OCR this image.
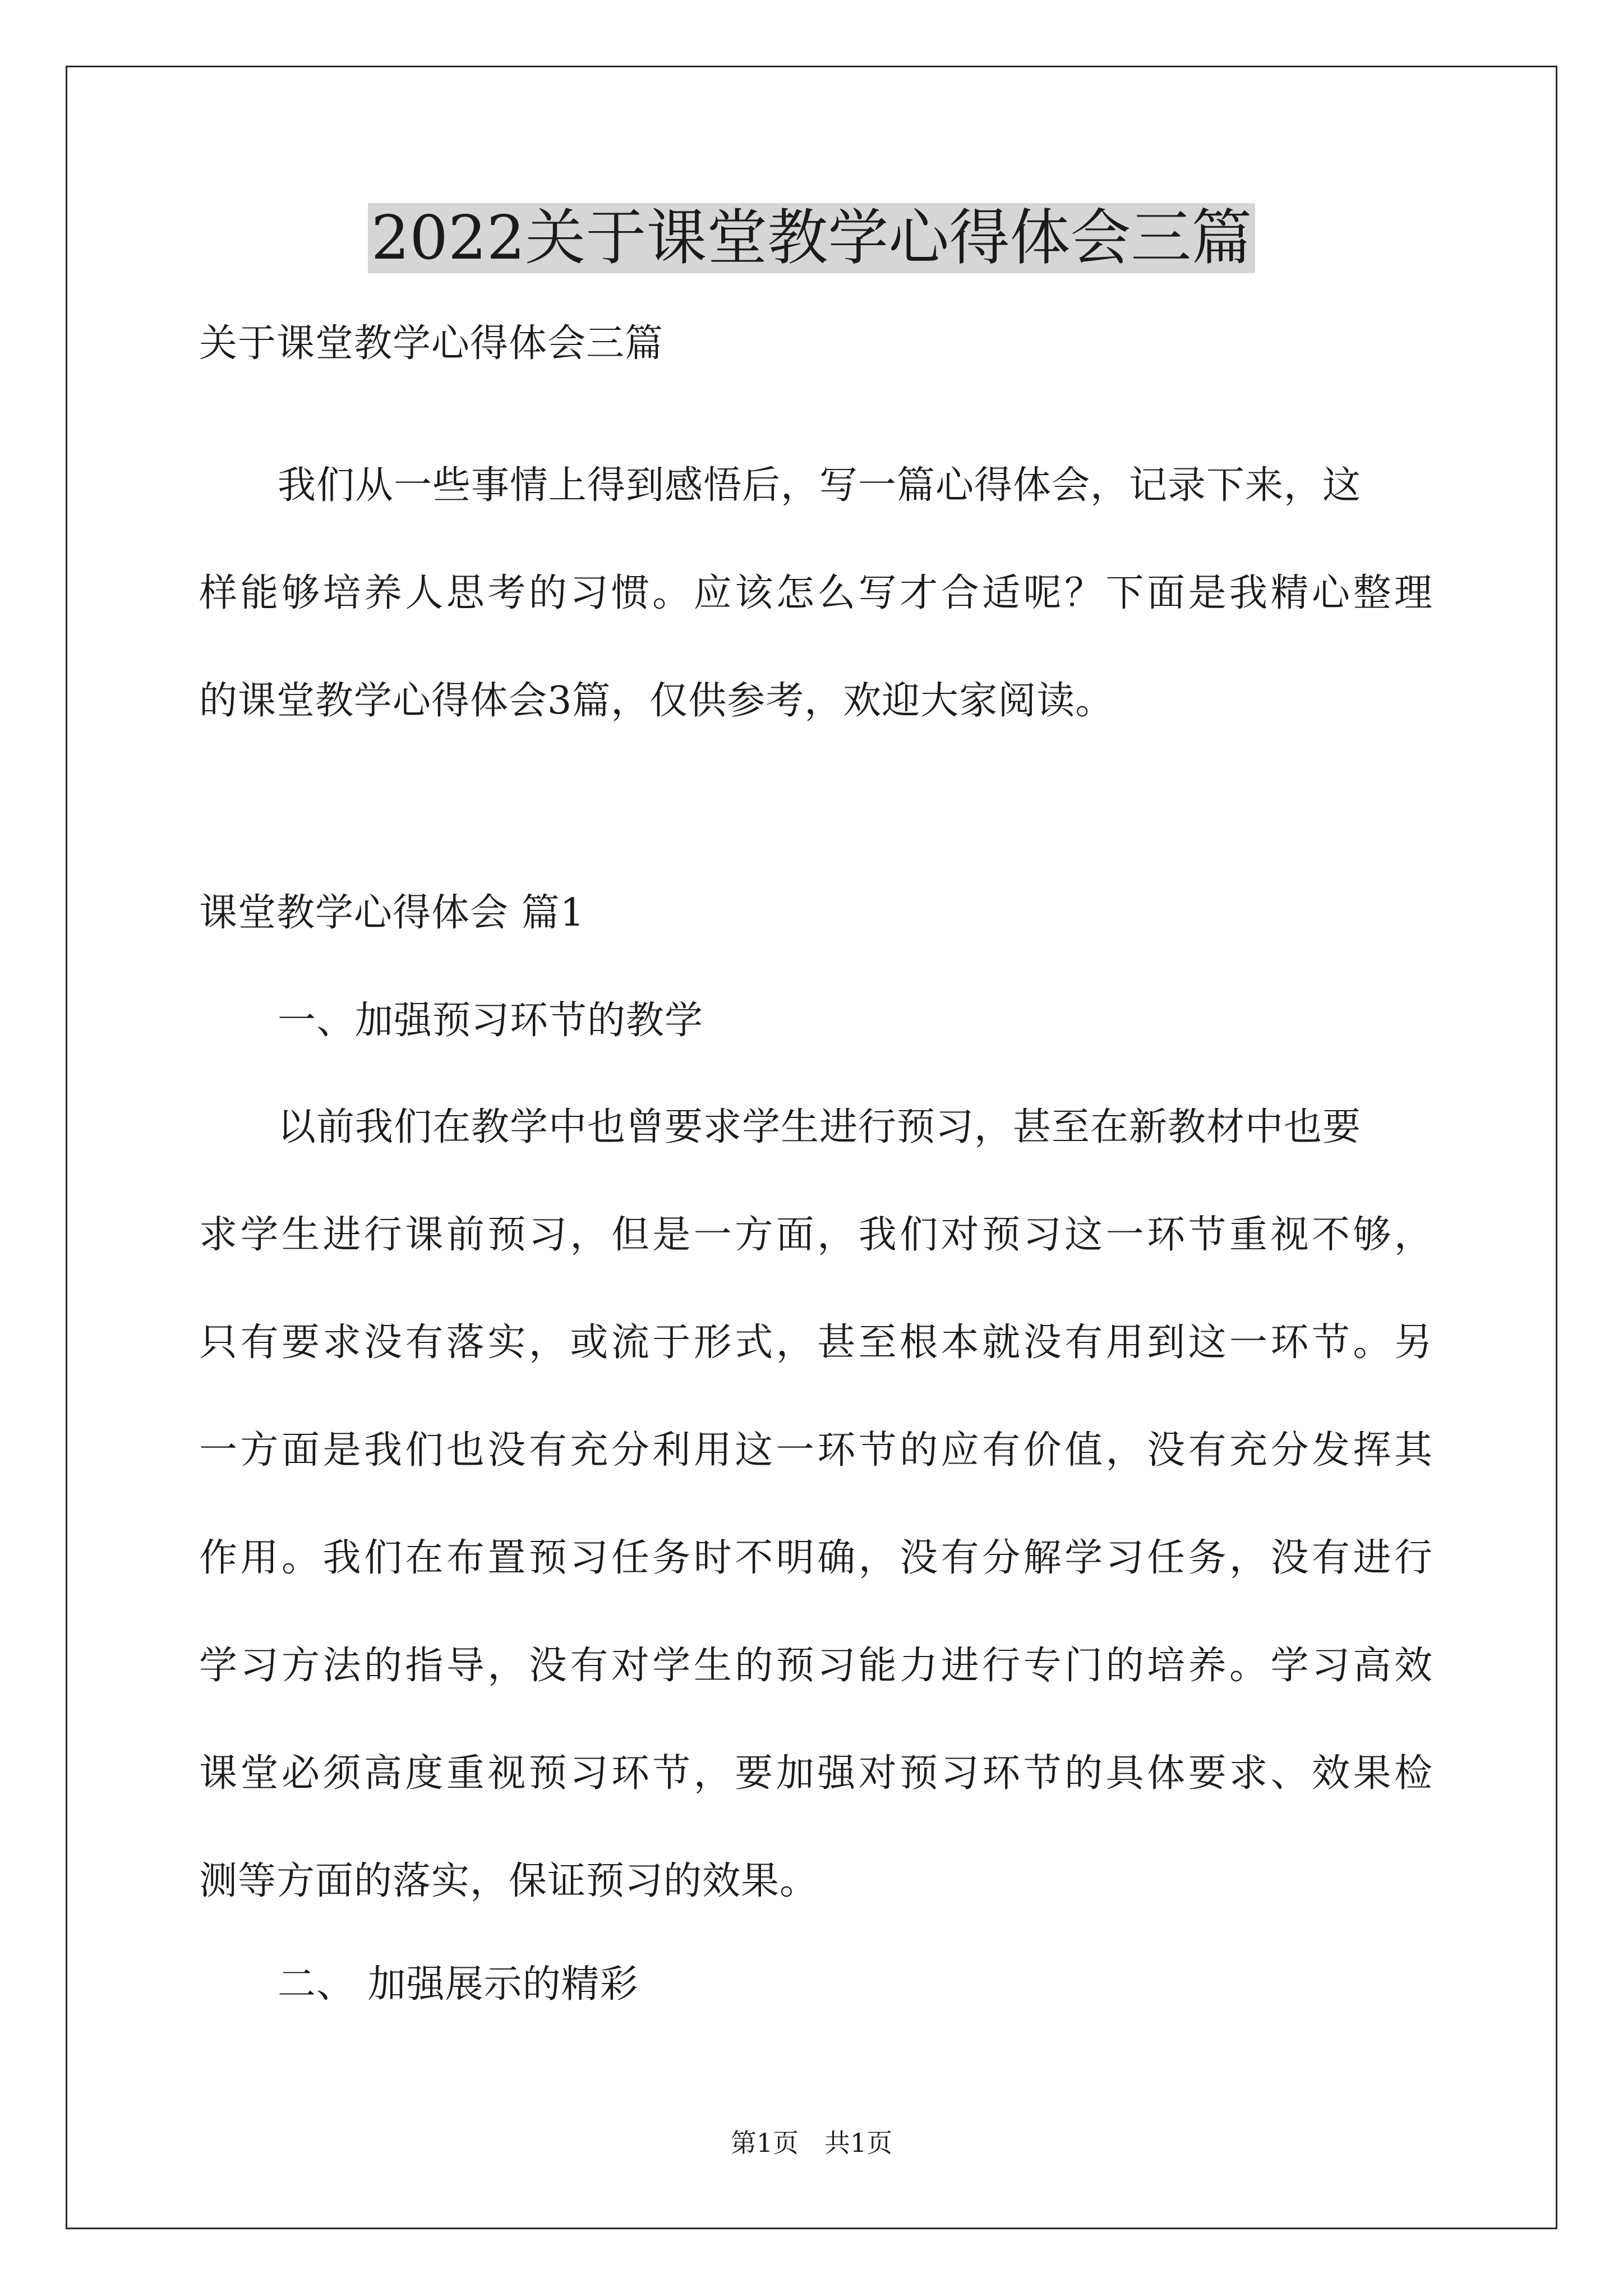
2022关于课堂教学心得体会三篇
关于课堂教学心得体会三篇
我们从一些事情上得到感悟后，写一篇心得体会，记录下来，这
样能够培养人思考的习惯。应该怎么写才合适呢？下面是我精心整理
的课堂教学心得体会3篇，仅供参考，欢迎大家阅读。
课堂教学心得体会 篇1
一、加强预习环节的教学
以前我们在教学中也曾要求学生进行预习，甚至在新教材中也要
求学生进行课前预习，但是一方面，我们对预习这一环节重视不够，
只有要求没有落实，或流于形式，甚至根本就没有用到这一环节。另
一方面是我们也没有充分利用这一环节的应有价值，没有充分发挥其
作用。我们在布置预习任务时不明确，没有分解学习任务，没有进行
学习方法的指导，没有对学生的预习能力进行专门的培养。学习高效
课堂必须高度重视预习环节，要加强对预习环节的具体要求、效果检
测等方面的落实，保证预习的效果。
二、 加强展示的精彩
第1页　共1页
